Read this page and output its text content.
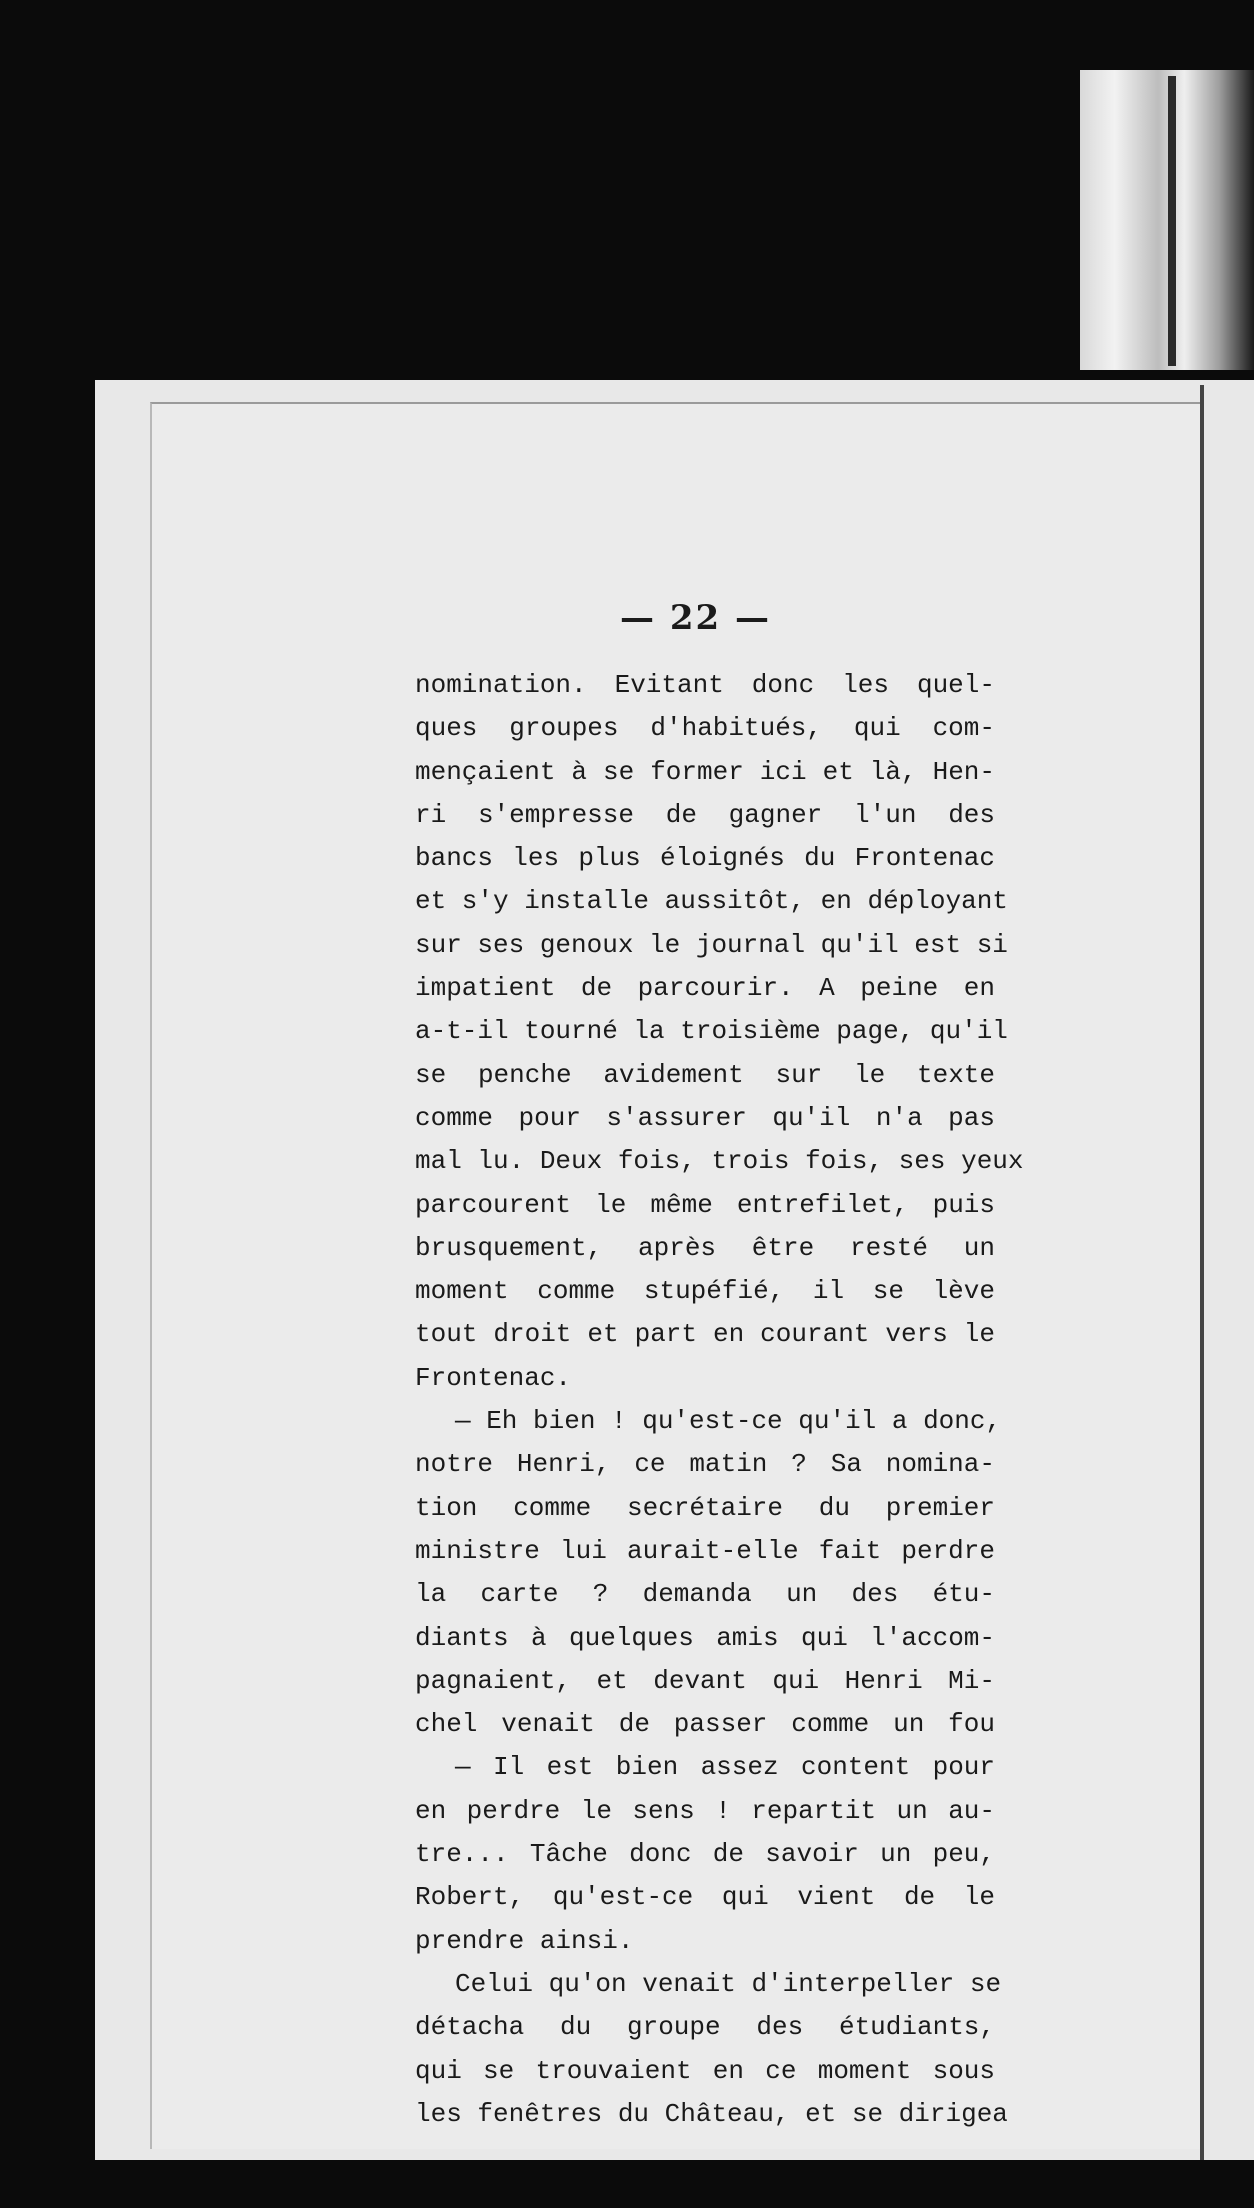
— 22 —
nomination. Evitant donc les quel-
ques groupes d'habitués, qui com-
mençaient à se former ici et là, Hen-
ri s'empresse de gagner l'un des
bancs les plus éloignés du Frontenac
et s'y installe aussitôt, en déployant
sur ses genoux le journal qu'il est si
impatient de parcourir. A peine en
a-t-il tourné la troisième page, qu'il
se penche avidement sur le texte
comme pour s'assurer qu'il n'a pas
mal lu. Deux fois, trois fois, ses yeux
parcourent le même entrefilet, puis
brusquement, après être resté un
moment comme stupéfié, il se lève
tout droit et part en courant vers le
Frontenac.
— Eh bien ! qu'est-ce qu'il a donc,
notre Henri, ce matin ? Sa nomina-
tion comme secrétaire du premier
ministre lui aurait-elle fait perdre
la carte ? demanda un des étu-
diants à quelques amis qui l'accom-
pagnaient, et devant qui Henri Mi-
chel venait de passer comme un fou
— Il est bien assez content pour
en perdre le sens ! repartit un au-
tre... Tâche donc de savoir un peu,
Robert, qu'est-ce qui vient de le
prendre ainsi.
Celui qu'on venait d'interpeller se
détacha du groupe des étudiants,
qui se trouvaient en ce moment sous
les fenêtres du Château, et se dirigea
